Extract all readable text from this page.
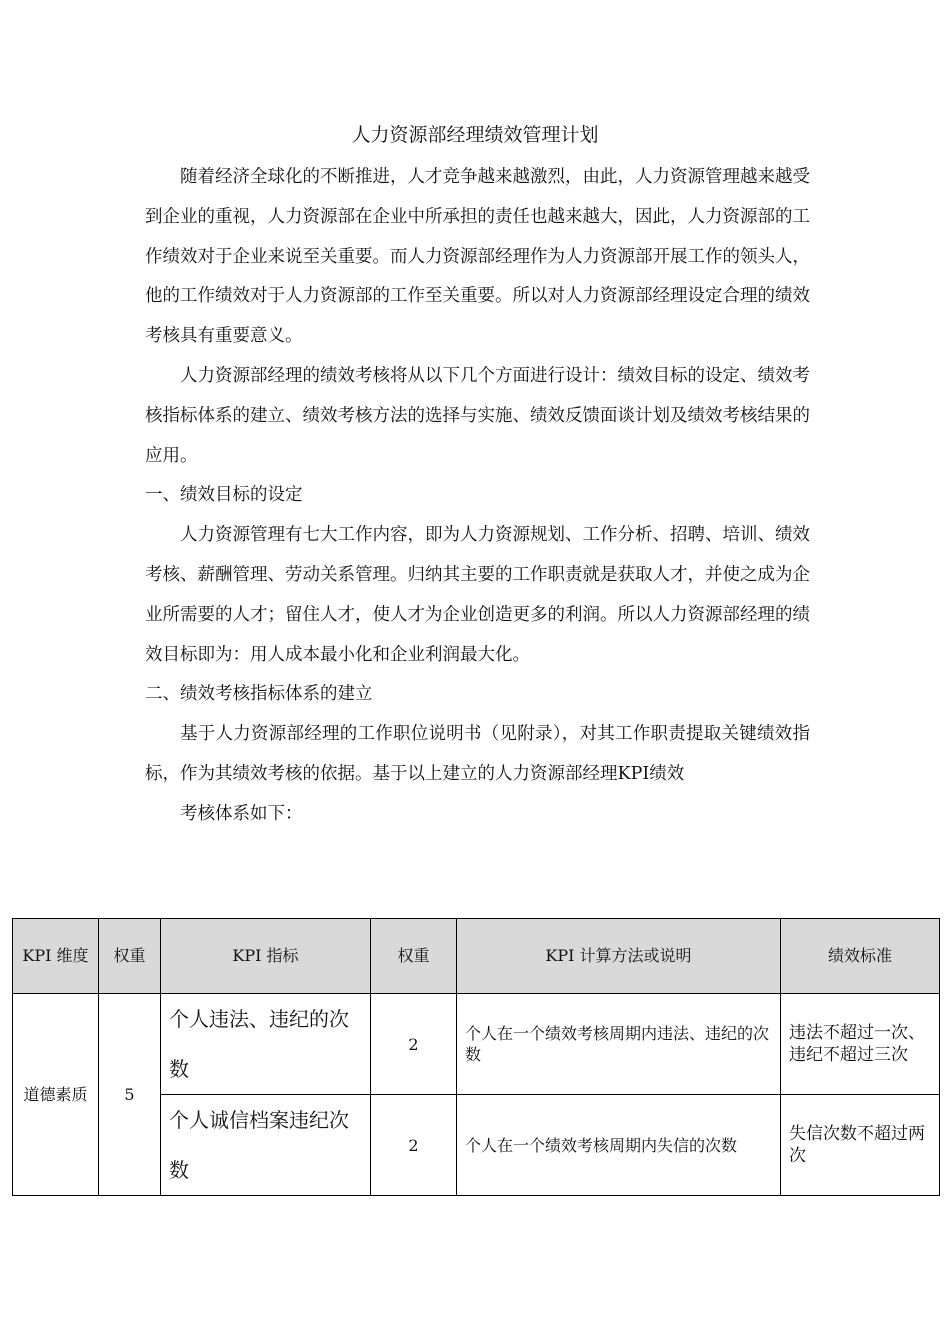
人力资源部经理绩效管理计划

随着经济全球化的不断推进，人才竞争越来越激烈，由此，人力资源管理越来越受到企业的重视，人力资源部在企业中所承担的责任也越来越大，因此，人力资源部的工作绩效对于企业来说至关重要。而人力资源部经理作为人力资源部开展工作的领头人，他的工作绩效对于人力资源部的工作至关重要。所以对人力资源部经理设定合理的绩效考核具有重要意义。

人力资源部经理的绩效考核将从以下几个方面进行设计：绩效目标的设定、绩效考核指标体系的建立、绩效考核方法的选择与实施、绩效反馈面谈计划及绩效考核结果的应用。

一、绩效目标的设定

人力资源管理有七大工作内容，即为人力资源规划、工作分析、招聘、培训、绩效考核、薪酬管理、劳动关系管理。归纳其主要的工作职责就是获取人才，并使之成为企业所需要的人才；留住人才，使人才为企业创造更多的利润。所以人力资源部经理的绩效目标即为：用人成本最小化和企业利润最大化。

二、绩效考核指标体系的建立

基于人力资源部经理的工作职位说明书（见附录），对其工作职责提取关键绩效指标，作为其绩效考核的依据。基于以上建立的人力资源部经理KPI绩效

考核体系如下：

KPI 维度	权重	KPI 指标	权重	KPI 计算方法或说明	绩效标准
道德素质	5	个人违法、违纪的次数	2	个人在一个绩效考核周期内违法、违纪的次数	违法不超过一次、违纪不超过三次
		个人诚信档案违纪次数	2	个人在一个绩效考核周期内失信的次数	失信次数不超过两次
